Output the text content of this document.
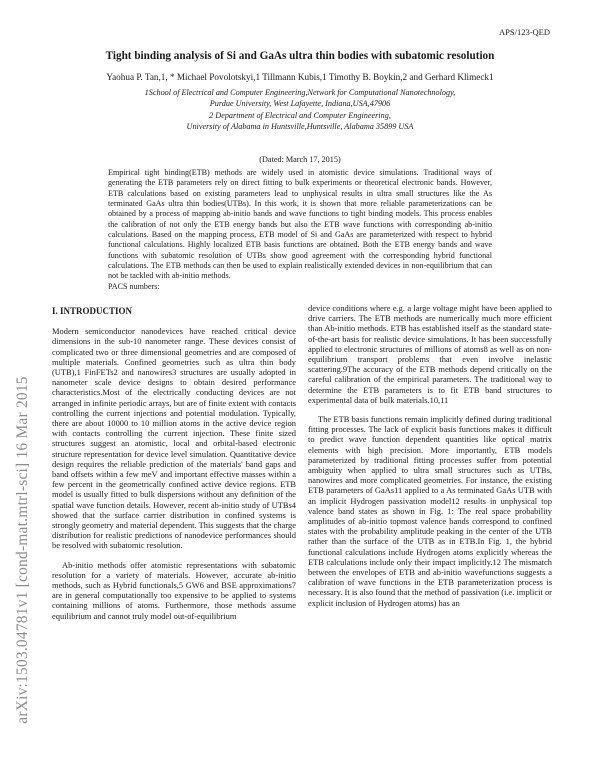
arXiv:1503.04781v1 [cond-mat.mtrl-sci] 16 Mar 2015
APS/123-QED
Tight binding analysis of Si and GaAs ultra thin bodies with subatomic resolution
Yaohua P. Tan,1, * Michael Povolotskyi,1 Tillmann Kubis,1 Timothy B. Boykin,2 and Gerhard Klimeck1
1School of Electrical and Computer Engineering,Network for Computational Nanotechnology,
Purdue University, West Lafayette, Indiana,USA,47906
2 Department of Electrical and Computer Engineering,
University of Alabama in Huntsville,Huntsville, Alabama 35899 USA
(Dated: March 17, 2015)
Empirical tight binding(ETB) methods are widely used in atomistic device simulations. Traditional ways of generating the ETB parameters rely on direct fitting to bulk experiments or theoretical electronic bands. However, ETB calculations based on existing parameters lead to unphysical results in ultra small structures like the As terminated GaAs ultra thin bodies(UTBs). In this work, it is shown that more reliable parameterizations can be obtained by a process of mapping ab-initio bands and wave functions to tight binding models. This process enables the calibration of not only the ETB energy bands but also the ETB wave functions with corresponding ab-initio calculations. Based on the mapping process, ETB model of Si and GaAs are parameterized with respect to hybrid functional calculations. Highly localized ETB basis functions are obtained. Both the ETB energy bands and wave functions with subatomic resolution of UTBs show good agreement with the corresponding hybrid functional calculations. The ETB methods can then be used to explain realistically extended devices in non-equilibrium that can not be tackled with ab-initio methods.
PACS numbers:
I. INTRODUCTION

Modern semiconductor nanodevices have reached critical device dimensions in the sub-10 nanometer range. These devices consist of complicated two or three dimensional geometries and are composed of multiple materials. Confined geometries such as ultra thin body (UTB),1 FinFETs2 and nanowires3 structures are usually adopted in nanometer scale device designs to obtain desired performance characteristics.Most of the electrically conducting devices are not arranged in infinite periodic arrays, but are of finite extent with contacts controlling the current injections and potential modulation. Typically, there are about 10000 to 10 million atoms in the active device region with contacts controlling the current injection. These finite sized structures suggest an atomistic, local and orbital-based electronic structure representation for device level simulation. Quantitative device design requires the reliable prediction of the materials' band gaps and band offsets within a few meV and important effective masses within a few percent in the geometrically confined active device regions. ETB model is usually fitted to bulk dispersions without any definition of the spatial wave function details. However, recent ab-initio study of UTBs4 showed that the surface carrier distribution in confined systems is strongly geometry and material dependent. This suggests that the charge distribution for realistic predictions of nanodevice performances should be resolved with subatomic resolution.

Ab-initio methods offer atomistic representations with subatomic resolution for a variety of materials. However, accurate ab-initio methods, such as Hybrid functionals,5 GW6 and BSE approximations7 are in general computationally too expensive to be applied to systems containing millions of atoms. Furthermore, those methods assume equilibrium and cannot truly model out-of-equilibrium

device conditions where e.g. a large voltage might have been applied to drive carriers. The ETB methods are numerically much more efficient than Ab-initio methods. ETB has established itself as the standard state-of-the-art basis for realistic device simulations. It has been successfully applied to electronic structures of millions of atoms8 as well as on non-equilibrium transport problems that even involve inelastic scattering.9The accuracy of the ETB methods depend critically on the careful calibration of the empirical parameters. The traditional way to determine the ETB parameters is to fit ETB band structures to experimental data of bulk materials.10,11

The ETB basis functions remain implicitly defined during traditional fitting processes. The lack of explicit basis functions makes it difficult to predict wave function dependent quantities like optical matrix elements with high precision. More importantly, ETB models parameterized by traditional fitting processes suffer from potential ambiguity when applied to ultra small structures such as UTBs, nanowires and more complicated geometries. For instance, the existing ETB parameters of GaAs11 applied to a As terminated GaAs UTB with an implicit Hydrogen passivation model12 results in unphysical top valence band states as shown in Fig. 1: The real space probability amplitudes of ab-initio topmost valence bands correspond to confined states with the probability amplitude peaking in the center of the UTB rather than the surface of the UTB as in ETB.In Fig. 1, the hybrid functional calculations include Hydrogen atoms explicitly whereas the ETB calculations include only their impact implicitly.12 The mismatch between the envelopes of ETB and ab-initio wavefunctions suggests a calibration of wave functions in the ETB parameterization process is necessary. It is also found that the method of passivation (i.e. implicit or explicit inclusion of Hydrogen atoms) has an
